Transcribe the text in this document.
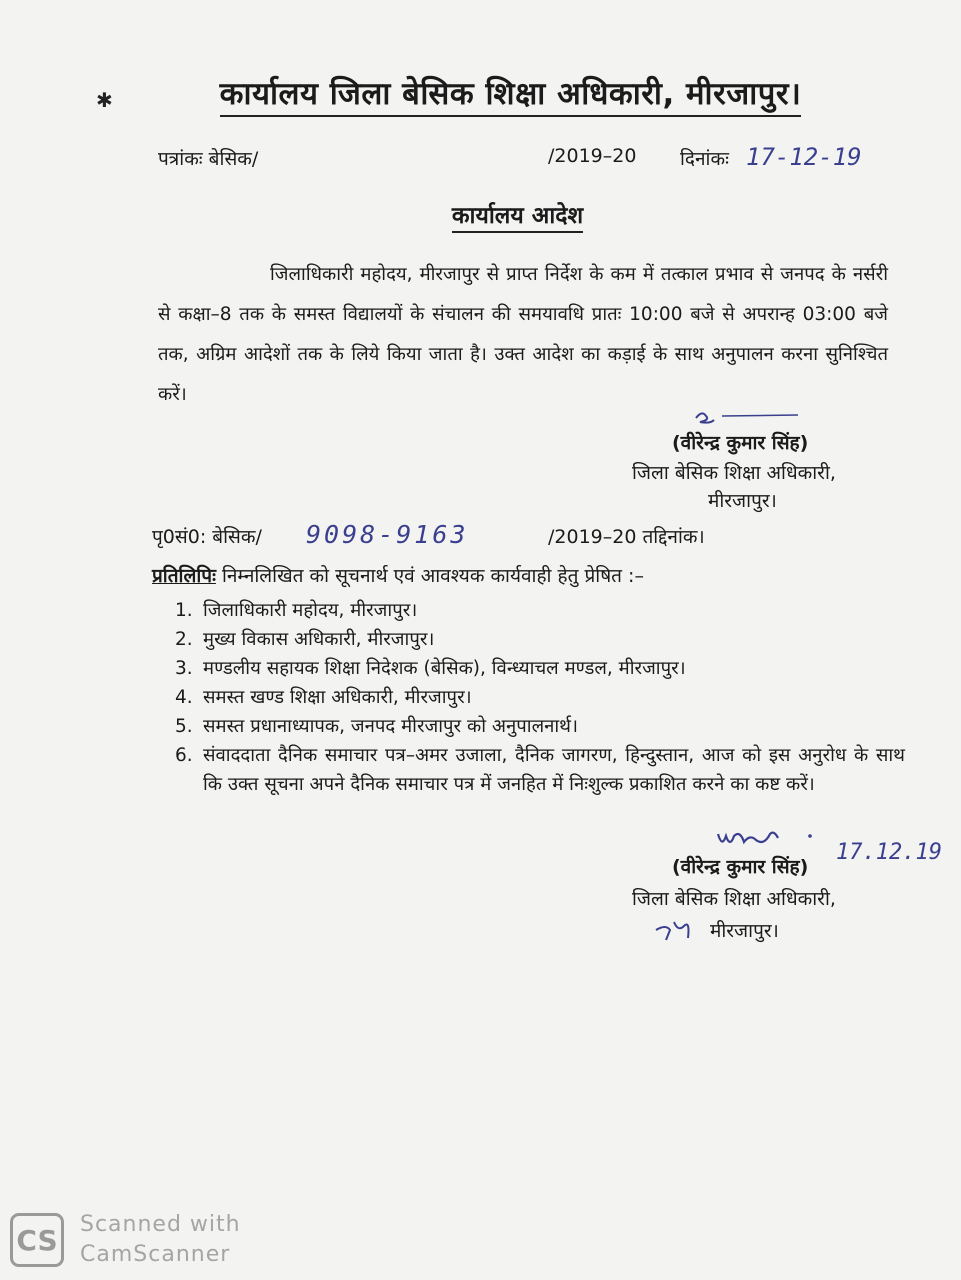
✱	कार्यालय जिला बेसिक शिक्षा अधिकारी, मीरजापुर।
पत्रांकः बेसिक/	/2019–20 दिनांकः 17-12-19
कार्यालय आदेश

जिलाधिकारी महोदय, मीरजापुर से प्राप्त निर्देश के कम में तत्काल प्रभाव से जनपद के नर्सरी से कक्षा–8 तक के समस्त विद्यालयों के संचालन की समयावधि प्रातः 10:00 बजे से अपरान्ह 03:00 बजे तक, अग्रिम आदेशों तक के लिये किया जाता है। उक्त आदेश का कड़ाई के साथ अनुपालन करना सुनिश्चित करें।

(वीरेन्द्र कुमार सिंह)
जिला बेसिक शिक्षा अधिकारी,
मीरजापुर।
पृ0सं0: बेसिक/ 9098-9163	/2019–20 तद्दिनांक।
प्रतिलिपिः निम्नलिखित को सूचनार्थ एवं आवश्यक कार्यवाही हेतु प्रेषित :–
1. जिलाधिकारी महोदय, मीरजापुर।
2. मुख्य विकास अधिकारी, मीरजापुर।
3. मण्डलीय सहायक शिक्षा निदेशक (बेसिक), विन्ध्याचल मण्डल, मीरजापुर।
4. समस्त खण्ड शिक्षा अधिकारी, मीरजापुर।
5. समस्त प्रधानाध्यापक, जनपद मीरजापुर को अनुपालनार्थ।
6. संवाददाता दैनिक समाचार पत्र–अमर उजाला, दैनिक जागरण, हिन्दुस्तान, आज को इस अनुरोध के साथ कि उक्त सूचना अपने दैनिक समाचार पत्र में जनहित में निःशुल्क प्रकाशित करने का कष्ट करें।
17.12.19
(वीरेन्द्र कुमार सिंह)
जिला बेसिक शिक्षा अधिकारी,
मीरजापुर।
CS Scanned with
CamScanner
